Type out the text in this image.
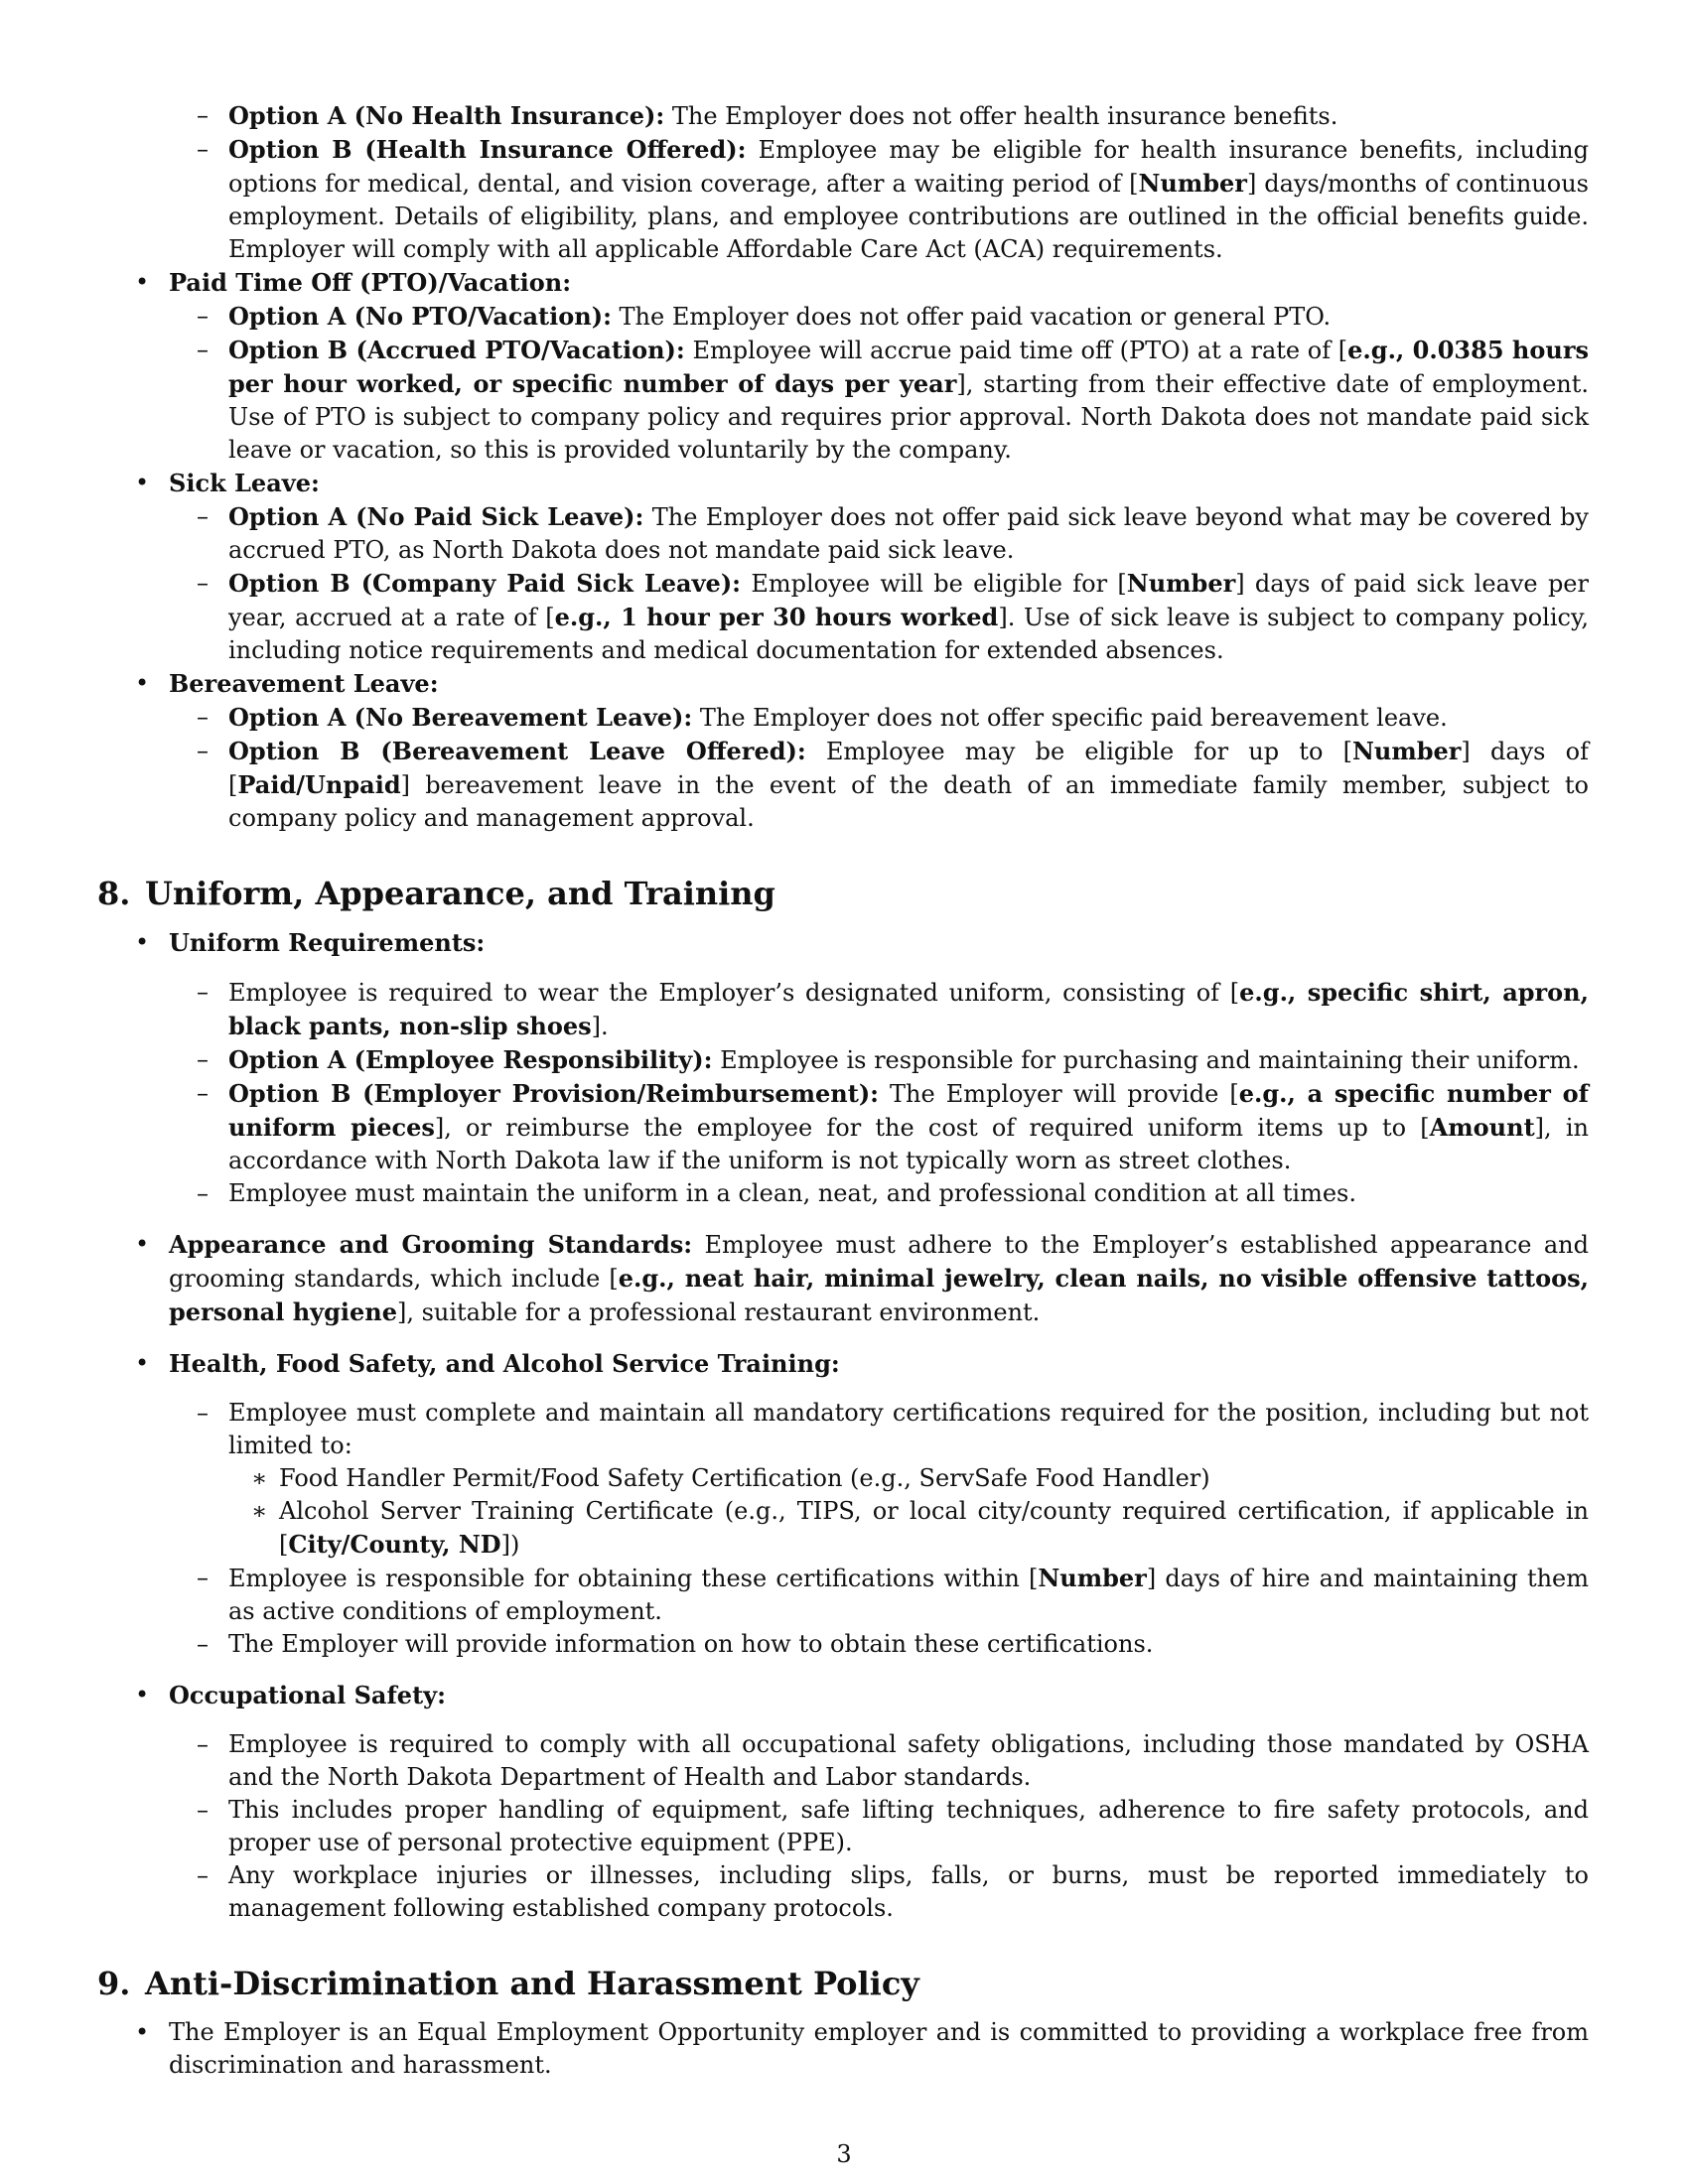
– Option A (No Health Insurance): The Employer does not offer health insurance benefits.
– Option B (Health Insurance Offered): Employee may be eligible for health insurance benefits, including options for medical, dental, and vision coverage, after a waiting period of [Number] days/months of continuous employment. Details of eligibility, plans, and employee contributions are outlined in the official benefits guide. Employer will comply with all applicable Affordable Care Act (ACA) requirements.
• Paid Time Off (PTO)/Vacation:
– Option A (No PTO/Vacation): The Employer does not offer paid vacation or general PTO.
– Option B (Accrued PTO/Vacation): Employee will accrue paid time off (PTO) at a rate of [e.g., 0.0385 hours per hour worked, or specific number of days per year], starting from their effective date of employment. Use of PTO is subject to company policy and requires prior approval. North Dakota does not mandate paid sick leave or vacation, so this is provided voluntarily by the company.
• Sick Leave:
– Option A (No Paid Sick Leave): The Employer does not offer paid sick leave beyond what may be covered by accrued PTO, as North Dakota does not mandate paid sick leave.
– Option B (Company Paid Sick Leave): Employee will be eligible for [Number] days of paid sick leave per year, accrued at a rate of [e.g., 1 hour per 30 hours worked]. Use of sick leave is subject to company policy, including notice requirements and medical documentation for extended absences.
• Bereavement Leave:
– Option A (No Bereavement Leave): The Employer does not offer specific paid bereavement leave.
– Option B (Bereavement Leave Offered): Employee may be eligible for up to [Number] days of [Paid/Unpaid] bereavement leave in the event of the death of an immediate family member, subject to company policy and management approval.
8. Uniform, Appearance, and Training
• Uniform Requirements:
– Employee is required to wear the Employer’s designated uniform, consisting of [e.g., specific shirt, apron, black pants, non-slip shoes].
– Option A (Employee Responsibility): Employee is responsible for purchasing and maintaining their uniform.
– Option B (Employer Provision/Reimbursement): The Employer will provide [e.g., a specific number of uniform pieces], or reimburse the employee for the cost of required uniform items up to [Amount], in accordance with North Dakota law if the uniform is not typically worn as street clothes.
– Employee must maintain the uniform in a clean, neat, and professional condition at all times.
• Appearance and Grooming Standards: Employee must adhere to the Employer’s established appearance and grooming standards, which include [e.g., neat hair, minimal jewelry, clean nails, no visible offensive tattoos, personal hygiene], suitable for a professional restaurant environment.
• Health, Food Safety, and Alcohol Service Training:
– Employee must complete and maintain all mandatory certifications required for the position, including but not limited to:
∗ Food Handler Permit/Food Safety Certification (e.g., ServSafe Food Handler)
∗ Alcohol Server Training Certificate (e.g., TIPS, or local city/county required certification, if applicable in [City/County, ND])
– Employee is responsible for obtaining these certifications within [Number] days of hire and maintaining them as active conditions of employment.
– The Employer will provide information on how to obtain these certifications.
• Occupational Safety:
– Employee is required to comply with all occupational safety obligations, including those mandated by OSHA and the North Dakota Department of Health and Labor standards.
– This includes proper handling of equipment, safe lifting techniques, adherence to fire safety protocols, and proper use of personal protective equipment (PPE).
– Any workplace injuries or illnesses, including slips, falls, or burns, must be reported immediately to management following established company protocols.
9. Anti-Discrimination and Harassment Policy
• The Employer is an Equal Employment Opportunity employer and is committed to providing a workplace free from discrimination and harassment.
3
